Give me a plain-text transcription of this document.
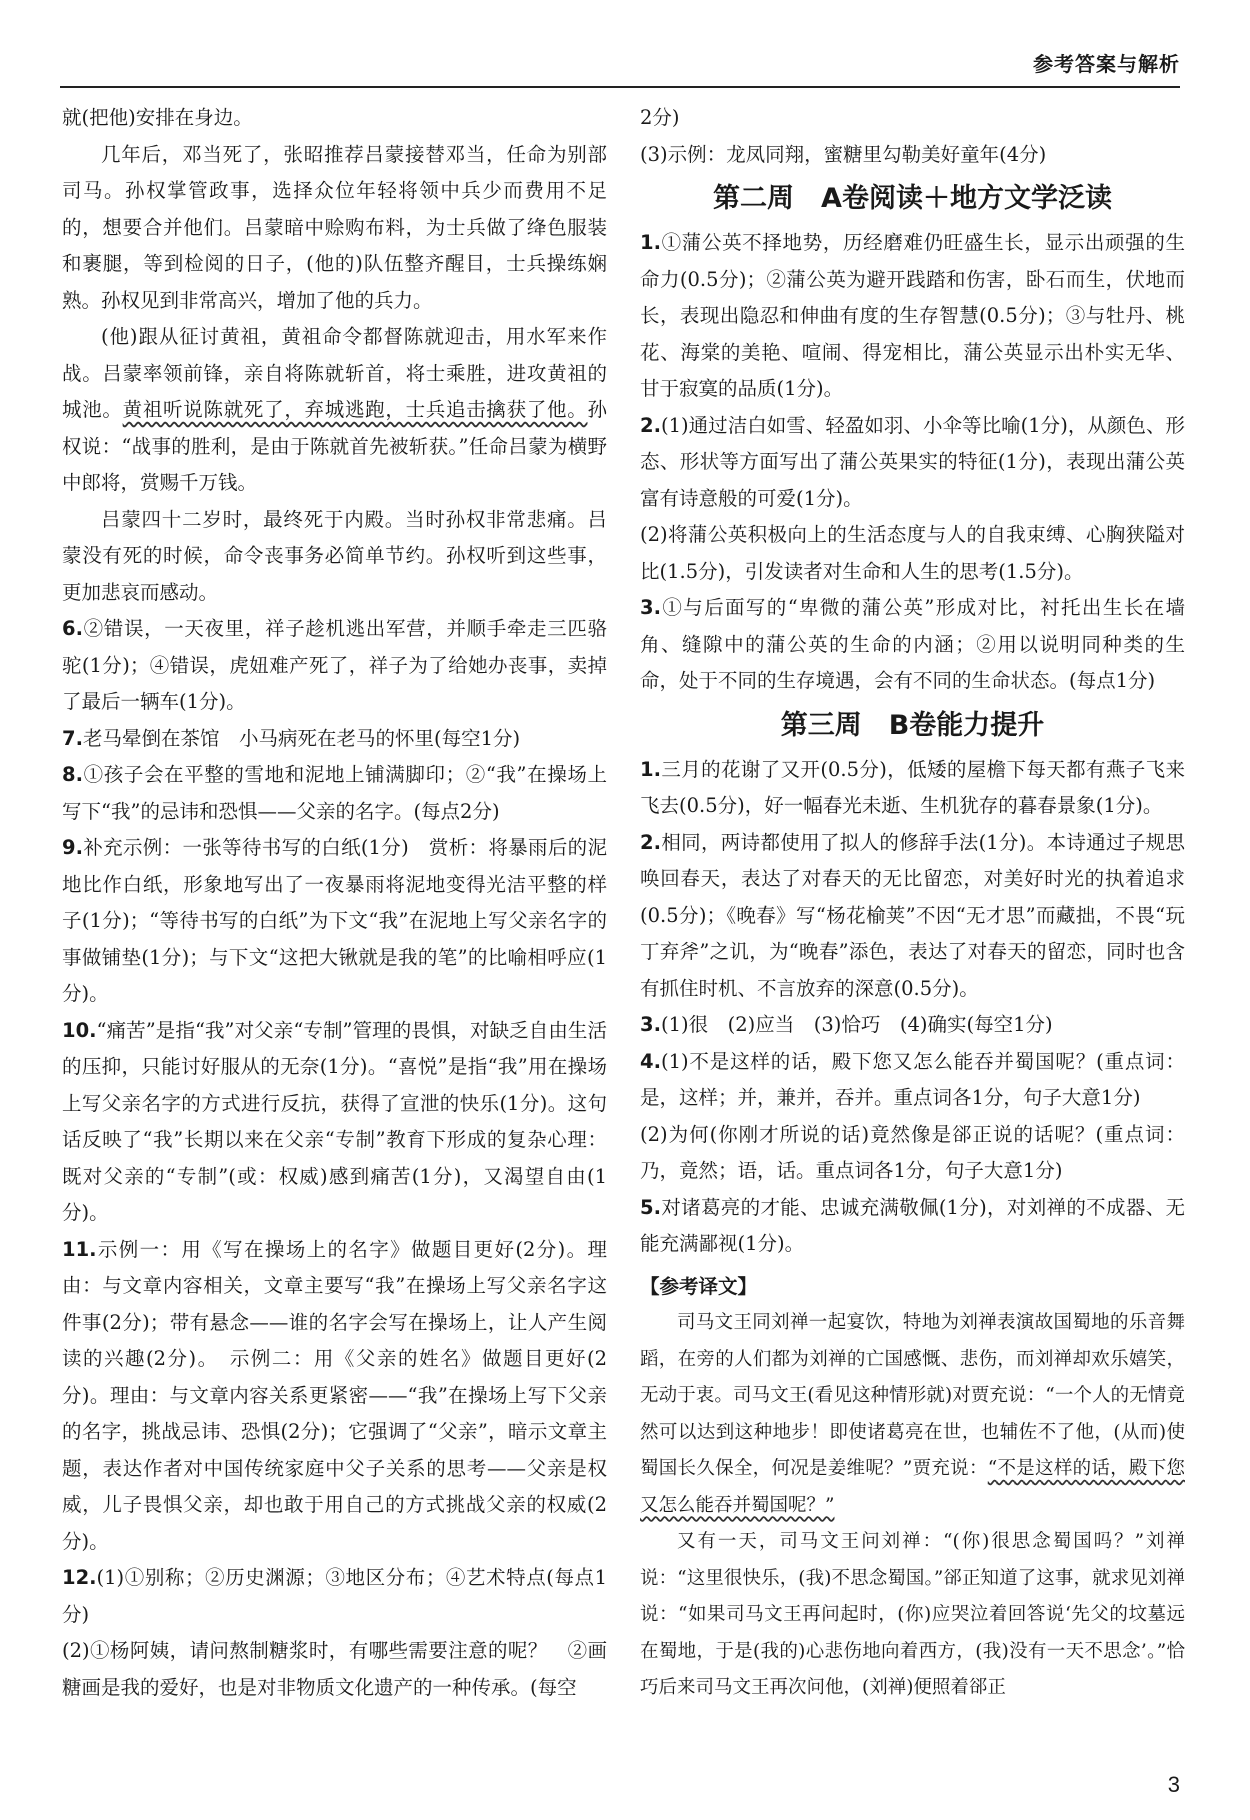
参考答案与解析

就(把他)安排在身边。

几年后，邓当死了，张昭推荐吕蒙接替邓当，任命为别部司马。孙权掌管政事，选择众位年轻将领中兵少而费用不足的，想要合并他们。吕蒙暗中赊购布料，为士兵做了绛色服装和裹腿，等到检阅的日子，(他的)队伍整齐醒目，士兵操练娴熟。孙权见到非常高兴，增加了他的兵力。

(他)跟从征讨黄祖，黄祖命令都督陈就迎击，用水军来作战。吕蒙率领前锋，亲自将陈就斩首，将士乘胜，进攻黄祖的城池。黄祖听说陈就死了，弃城逃跑，士兵追击擒获了他。孙权说：“战事的胜利，是由于陈就首先被斩获。”任命吕蒙为横野中郎将，赏赐千万钱。

吕蒙四十二岁时，最终死于内殿。当时孙权非常悲痛。吕蒙没有死的时候，命令丧事务必简单节约。孙权听到这些事，更加悲哀而感动。

6.②错误，一天夜里，祥子趁机逃出军营，并顺手牵走三匹骆驼(1分)；④错误，虎妞难产死了，祥子为了给她办丧事，卖掉了最后一辆车(1分)。

7.老马晕倒在茶馆　小马病死在老马的怀里(每空1分)

8.①孩子会在平整的雪地和泥地上铺满脚印；②“我”在操场上写下“我”的忌讳和恐惧——父亲的名字。(每点2分)

9.补充示例：一张等待书写的白纸(1分)　赏析：将暴雨后的泥地比作白纸，形象地写出了一夜暴雨将泥地变得光洁平整的样子(1分)；“等待书写的白纸”为下文“我”在泥地上写父亲名字的事做铺垫(1分)；与下文“这把大锹就是我的笔”的比喻相呼应(1分)。

10.“痛苦”是指“我”对父亲“专制”管理的畏惧，对缺乏自由生活的压抑，只能讨好服从的无奈(1分)。“喜悦”是指“我”用在操场上写父亲名字的方式进行反抗，获得了宣泄的快乐(1分)。这句话反映了“我”长期以来在父亲“专制”教育下形成的复杂心理：既对父亲的“专制”(或：权威)感到痛苦(1分)，又渴望自由(1分)。

11.示例一：用《写在操场上的名字》做题目更好(2分)。理由：与文章内容相关，文章主要写“我”在操场上写父亲名字这件事(2分)；带有悬念——谁的名字会写在操场上，让人产生阅读的兴趣(2分)。　示例二：用《父亲的姓名》做题目更好(2分)。理由：与文章内容关系更紧密——“我”在操场上写下父亲的名字，挑战忌讳、恐惧(2分)；它强调了“父亲”，暗示文章主题，表达作者对中国传统家庭中父子关系的思考——父亲是权威，儿子畏惧父亲，却也敢于用自己的方式挑战父亲的权威(2分)。

12.(1)①别称；②历史渊源；③地区分布；④艺术特点(每点1分)

(2)①杨阿姨，请问熬制糖浆时，有哪些需要注意的呢？　②画糖画是我的爱好，也是对非物质文化遗产的一种传承。(每空

2分)

(3)示例：龙凤同翔，蜜糖里勾勒美好童年(4分)

第二周　A卷阅读＋地方文学泛读

1.①蒲公英不择地势，历经磨难仍旺盛生长，显示出顽强的生命力(0.5分)；②蒲公英为避开践踏和伤害，卧石而生，伏地而长，表现出隐忍和伸曲有度的生存智慧(0.5分)；③与牡丹、桃花、海棠的美艳、喧闹、得宠相比，蒲公英显示出朴实无华、甘于寂寞的品质(1分)。

2.(1)通过洁白如雪、轻盈如羽、小伞等比喻(1分)，从颜色、形态、形状等方面写出了蒲公英果实的特征(1分)，表现出蒲公英富有诗意般的可爱(1分)。

(2)将蒲公英积极向上的生活态度与人的自我束缚、心胸狭隘对比(1.5分)，引发读者对生命和人生的思考(1.5分)。

3.①与后面写的“卑微的蒲公英”形成对比，衬托出生长在墙角、缝隙中的蒲公英的生命的内涵；②用以说明同种类的生命，处于不同的生存境遇，会有不同的生命状态。(每点1分)

第三周　B卷能力提升

1.三月的花谢了又开(0.5分)，低矮的屋檐下每天都有燕子飞来飞去(0.5分)，好一幅春光未逝、生机犹存的暮春景象(1分)。

2.相同，两诗都使用了拟人的修辞手法(1分)。本诗通过子规思唤回春天，表达了对春天的无比留恋，对美好时光的执着追求(0.5分)；《晚春》写“杨花榆荚”不因“无才思”而藏拙，不畏“玩丁弃斧”之讥，为“晚春”添色，表达了对春天的留恋，同时也含有抓住时机、不言放弃的深意(0.5分)。

3.(1)很　(2)应当　(3)恰巧　(4)确实(每空1分)

4.(1)不是这样的话，殿下您又怎么能吞并蜀国呢？(重点词：是，这样；并，兼并，吞并。重点词各1分，句子大意1分)

(2)为何(你刚才所说的话)竟然像是郤正说的话呢？(重点词：乃，竟然；语，话。重点词各1分，句子大意1分)

5.对诸葛亮的才能、忠诚充满敬佩(1分)，对刘禅的不成器、无能充满鄙视(1分)。

【参考译文】

司马文王同刘禅一起宴饮，特地为刘禅表演故国蜀地的乐音舞蹈，在旁的人们都为刘禅的亡国感慨、悲伤，而刘禅却欢乐嬉笑，无动于衷。司马文王(看见这种情形就)对贾充说：“一个人的无情竟然可以达到这种地步！即使诸葛亮在世，也辅佐不了他，(从而)使蜀国长久保全，何况是姜维呢？”贾充说：“不是这样的话，殿下您又怎么能吞并蜀国呢？”

又有一天，司马文王问刘禅：“(你)很思念蜀国吗？”刘禅说：“这里很快乐，(我)不思念蜀国。”郤正知道了这事，就求见刘禅说：“如果司马文王再问起时，(你)应哭泣着回答说‘先父的坟墓远在蜀地，于是(我的)心悲伤地向着西方，(我)没有一天不思念’。”恰巧后来司马文王再次问他，(刘禅)便照着郤正

3
